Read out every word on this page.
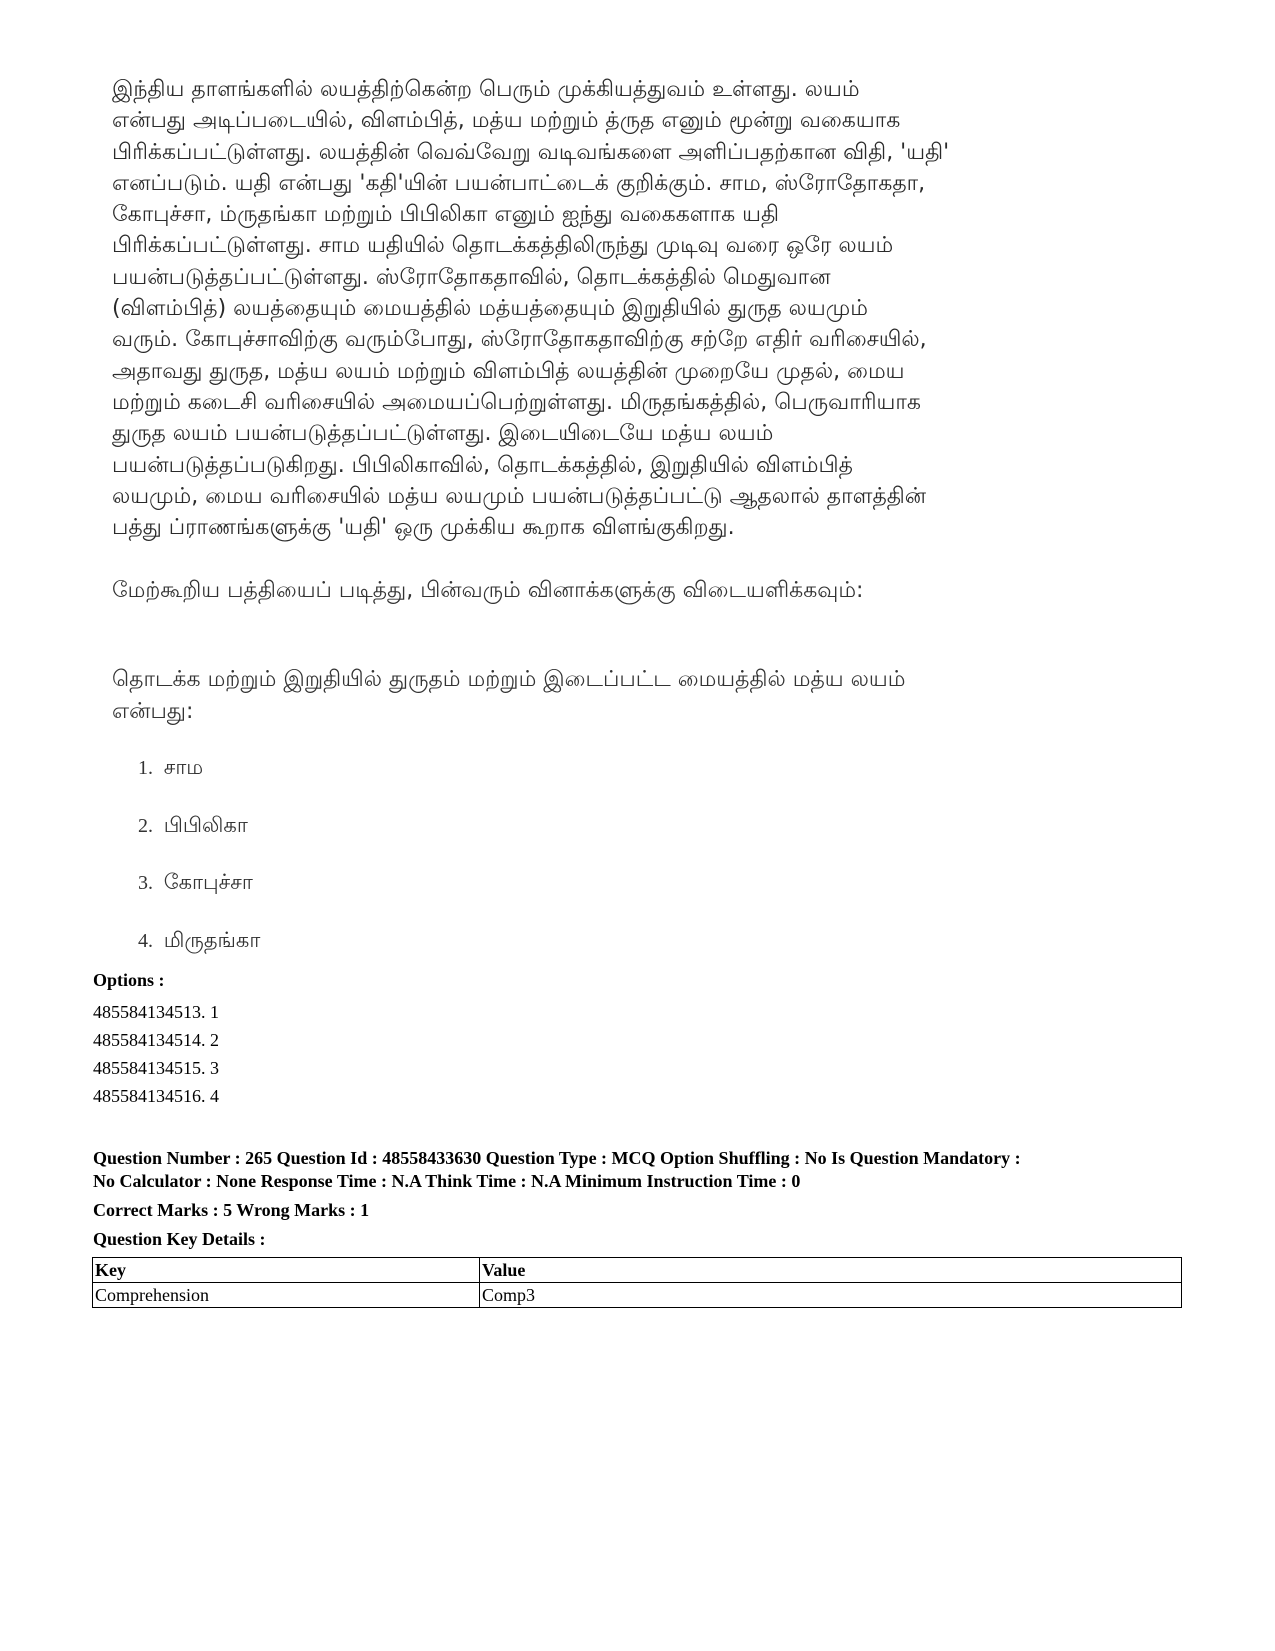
இந்திய தாளங்களில் லயத்திற்கென்ற பெரும் முக்கியத்துவம் உள்ளது. லயம்
என்பது அடிப்படையில், விளம்பித், மத்ய மற்றும் த்ருத எனும் மூன்று வகையாக
பிரிக்கப்பட்டுள்ளது. லயத்தின் வெவ்வேறு வடிவங்களை அளிப்பதற்கான விதி, 'யதி'
எனப்படும். யதி என்பது 'கதி'யின் பயன்பாட்டைக் குறிக்கும். சாம, ஸ்ரோதோகதா,
கோபுச்சா, ம்ருதங்கா மற்றும் பிபிலிகா எனும் ஐந்து வகைகளாக யதி
பிரிக்கப்பட்டுள்ளது. சாம யதியில் தொடக்கத்திலிருந்து முடிவு வரை ஒரே லயம்
பயன்படுத்தப்பட்டுள்ளது. ஸ்ரோதோகதாவில், தொடக்கத்தில் மெதுவான
(விளம்பித்) லயத்தையும் மையத்தில் மத்யத்தையும் இறுதியில் துருத லயமும்
வரும். கோபுச்சாவிற்கு வரும்போது, ஸ்ரோதோகதாவிற்கு சற்றே எதிர் வரிசையில்,
அதாவது துருத, மத்ய லயம் மற்றும் விளம்பித் லயத்தின் முறையே முதல், மைய
மற்றும் கடைசி வரிசையில் அமையப்பெற்றுள்ளது. மிருதங்கத்தில், பெருவாரியாக
துருத லயம் பயன்படுத்தப்பட்டுள்ளது. இடையிடையே மத்ய லயம்
பயன்படுத்தப்படுகிறது. பிபிலிகாவில், தொடக்கத்தில், இறுதியில் விளம்பித்
லயமும், மைய வரிசையில் மத்ய லயமும் பயன்படுத்தப்பட்டு ஆதலால் தாளத்தின்
பத்து ப்ராணங்களுக்கு 'யதி' ஒரு முக்கிய கூறாக விளங்குகிறது.

மேற்கூறிய பத்தியைப் படித்து, பின்வரும் வினாக்களுக்கு விடையளிக்கவும்:

தொடக்க மற்றும் இறுதியில் துருதம் மற்றும் இடைப்பட்ட மையத்தில் மத்ய லயம்
என்பது:
1. சாம
2. பிபிலிகா
3. கோபுச்சா
4. மிருதங்கா

Options :

485584134513. 1
485584134514. 2
485584134515. 3
485584134516. 4
Question Number : 265 Question Id : 48558433630 Question Type : MCQ Option Shuffling : No Is Question Mandatory :
No Calculator : None Response Time : N.A Think Time : N.A Minimum Instruction Time : 0

Correct Marks : 5 Wrong Marks : 1

Question Key Details :

Key	Value
Comprehension	Comp3
